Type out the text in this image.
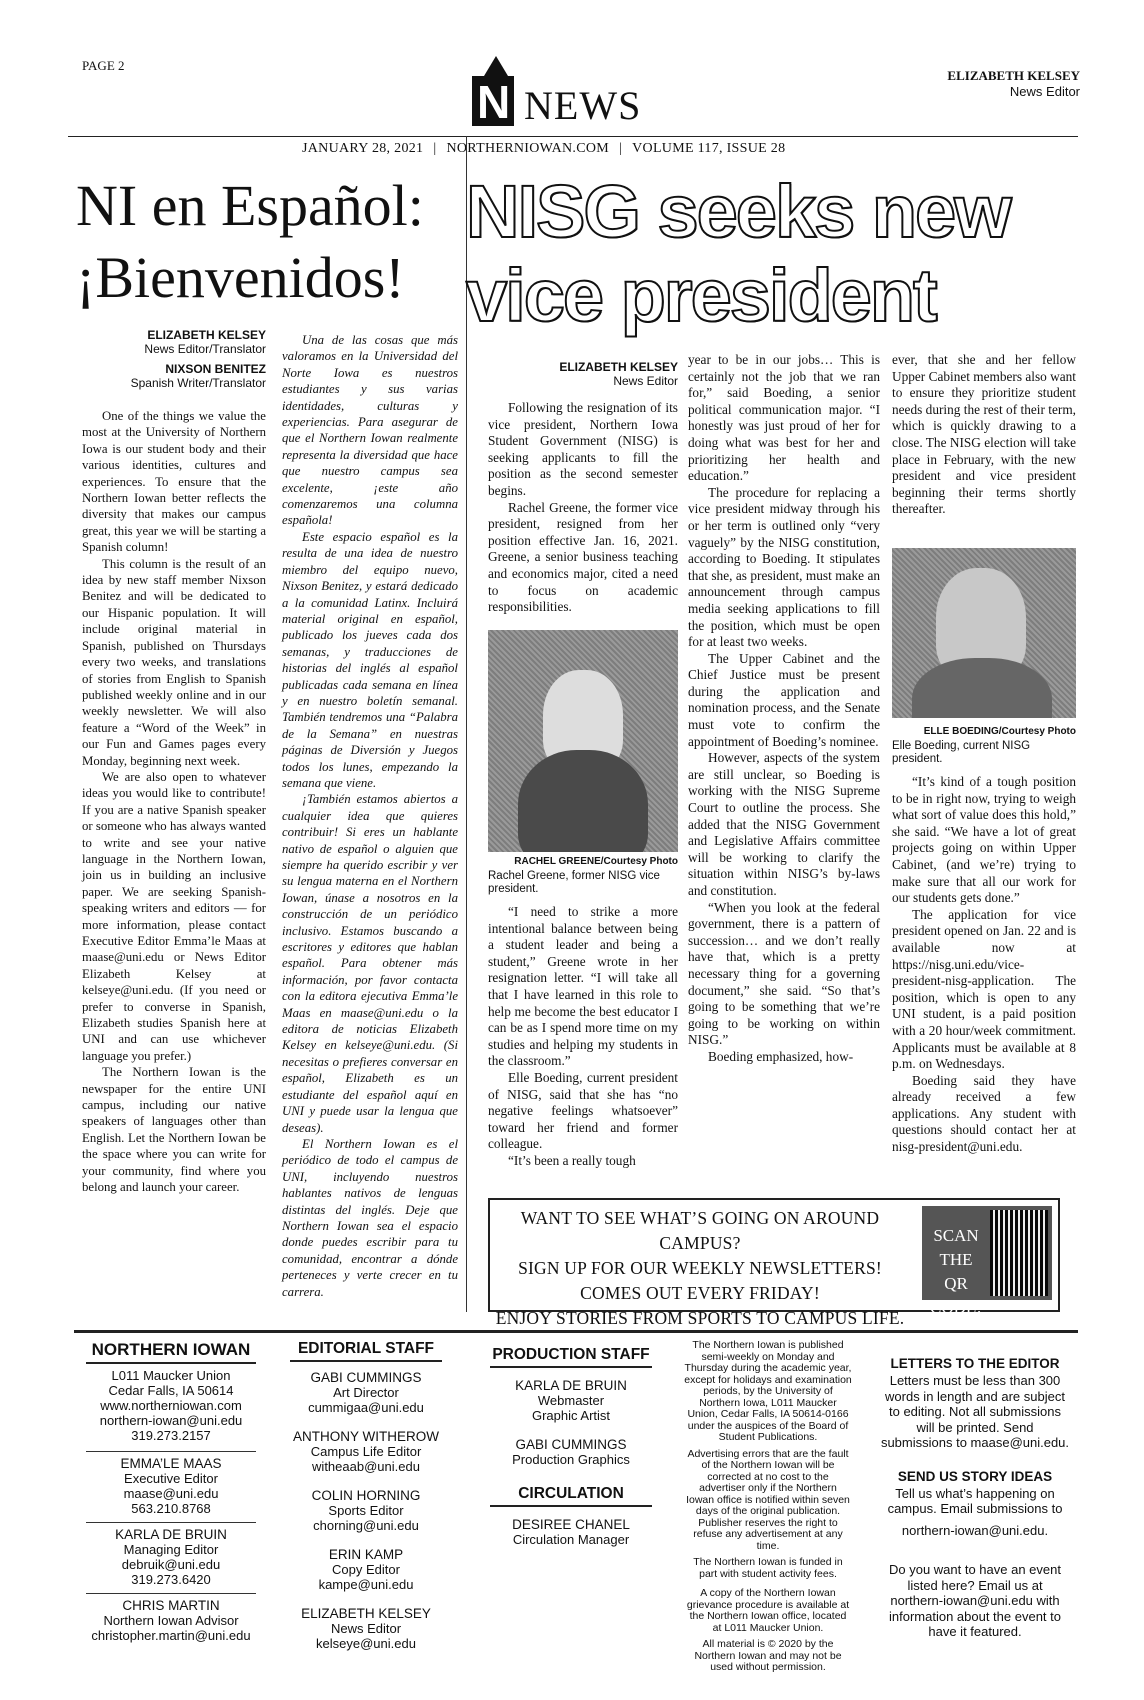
PAGE 2
N NEWS
ELIZABETH KELSEY
News Editor
JANUARY 28, 2021 | NORTHERNIOWAN.COM | VOLUME 117, ISSUE 28
NI en Español:
¡Bienvenidos!
ELIZABETH KELSEY
News Editor/Translator
NIXSON BENITEZ
Spanish Writer/Translator

One of the things we value the most at the University of Northern Iowa is our student body and their various identities, cultures and experiences. To ensure that the Northern Iowan better reflects the diversity that makes our campus great, this year we will be starting a Spanish column!

This column is the result of an idea by new staff member Nixson Benitez and will be dedicated to our Hispanic population. It will include original material in Spanish, published on Thursdays every two weeks, and translations of stories from English to Spanish published weekly online and in our weekly newsletter. We will also feature a “Word of the Week” in our Fun and Games pages every Monday, beginning next week.

We are also open to whatever ideas you would like to contribute! If you are a native Spanish speaker or someone who has always wanted to write and see your native language in the Northern Iowan, join us in building an inclusive paper. We are seeking Spanish-speaking writers and editors — for more information, please contact Executive Editor Emma’le Maas at maase@uni.edu or News Editor Elizabeth Kelsey at kelseye@uni.edu. (If you need or prefer to converse in Spanish, Elizabeth studies Spanish here at UNI and can use whichever language you prefer.)

The Northern Iowan is the newspaper for the entire UNI campus, including our native speakers of languages other than English. Let the Northern Iowan be the space where you can write for your community, find where you belong and launch your career.

Una de las cosas que más valoramos en la Universidad del Norte Iowa es nuestros estudiantes y sus varias identidades, culturas y experiencias. Para asegurar de que el Northern Iowan realmente representa la diversidad que hace que nuestro campus sea excelente, ¡este año comenzaremos una columna española!

Este espacio español es la resulta de una idea de nuestro miembro del equipo nuevo, Nixson Benitez, y estará dedicado a la comunidad Latinx. Incluirá material original en español, publicado los jueves cada dos semanas, y traducciones de historias del inglés al español publicadas cada semana en línea y en nuestro boletín semanal. También tendremos una “Palabra de la Semana” en nuestras páginas de Diversión y Juegos todos los lunes, empezando la semana que viene.

¡También estamos abiertos a cualquier idea que quieres contribuir! Si eres un hablante nativo de español o alguien que siempre ha querido escribir y ver su lengua materna en el Northern Iowan, únase a nosotros en la construcción de un periódico inclusivo. Estamos buscando a escritores y editores que hablan español. Para obtener más información, por favor contacta con la editora ejecutiva Emma’le Maas en maase@uni.edu o la editora de noticias Elizabeth Kelsey en kelseye@uni.edu. (Si necesitas o prefieres conversar en español, Elizabeth es un estudiante del español aquí en UNI y puede usar la lengua que deseas).

El Northern Iowan es el periódico de todo el campus de UNI, incluyendo nuestros hablantes nativos de lenguas distintas del inglés. Deje que Northern Iowan sea el espacio donde puedes escribir para tu comunidad, encontrar a dónde perteneces y verte crecer en tu carrera.

NISG seeks new
vice president
ELIZABETH KELSEY
News Editor

Following the resignation of its vice president, Northern Iowa Student Government (NISG) is seeking applicants to fill the position as the second semester begins.

Rachel Greene, the former vice president, resigned from her position effective Jan. 16, 2021. Greene, a senior business teaching and economics major, cited a need to focus on academic responsibilities.

RACHEL GREENE/Courtesy Photo
Rachel Greene, former NISG vice president.

“I need to strike a more intentional balance between being a student leader and being a student,” Greene wrote in her resignation letter. “I will take all that I have learned in this role to help me become the best educator I can be as I spend more time on my studies and helping my students in the classroom.”

Elle Boeding, current president of NISG, said that she has “no negative feelings whatsoever” toward her friend and former colleague.

“It’s been a really tough

year to be in our jobs… This is certainly not the job that we ran for,” said Boeding, a senior political communication major. “I honestly was just proud of her for doing what was best for her and prioritizing her health and education.”

The procedure for replacing a vice president midway through his or her term is outlined only “very vaguely” by the NISG constitution, according to Boeding. It stipulates that she, as president, must make an announcement through campus media seeking applications to fill the position, which must be open for at least two weeks.

The Upper Cabinet and the Chief Justice must be present during the application and nomination process, and the Senate must vote to confirm the appointment of Boeding’s nominee.

However, aspects of the system are still unclear, so Boeding is working with the NISG Supreme Court to outline the process. She added that the NISG Government and Legislative Affairs committee will be working to clarify the situation within NISG’s by-laws and constitution.

“When you look at the federal government, there is a pattern of succession… and we don’t really have that, which is a pretty necessary thing for a governing document,” she said. “So that’s going to be something that we’re going to be working on within NISG.”

Boeding emphasized, how-

ever, that she and her fellow Upper Cabinet members also want to ensure they prioritize student needs during the rest of their term, which is quickly drawing to a close. The NISG election will take place in February, with the new president and vice president beginning their terms shortly thereafter.

ELLE BOEDING/Courtesy Photo
Elle Boeding, current NISG president.

“It’s kind of a tough position to be in right now, trying to weigh what sort of value does this hold,” she said. “We have a lot of great projects going on within Upper Cabinet, (and we’re) trying to make sure that all our work for our students gets done.”

The application for vice president opened on Jan. 22 and is available now at https://nisg.uni.edu/vice-president-nisg-application. The position, which is open to any UNI student, is a paid position with a 20 hour/week commitment. Applicants must be available at 8 p.m. on Wednesdays.

Boeding said they have already received a few applications. Any student with questions should contact her at nisg-president@uni.edu.

WANT TO SEE WHAT’S GOING ON AROUND CAMPUS?
SIGN UP FOR OUR WEEKLY NEWSLETTERS!
COMES OUT EVERY FRIDAY!
ENJOY STORIES FROM SPORTS TO CAMPUS LIFE.
SCAN THE
QR CODE!
NORTHERN IOWAN
L011 Maucker Union
Cedar Falls, IA 50614
www.northerniowan.com
northern-iowan@uni.edu
319.273.2157
EMMA’LE MAAS
Executive Editor
maase@uni.edu
563.210.8768
KARLA DE BRUIN
Managing Editor
debruik@uni.edu
319.273.6420
CHRIS MARTIN
Northern Iowan Advisor
christopher.martin@uni.edu
EDITORIAL STAFF
GABI CUMMINGS
Art Director
cummigaa@uni.edu
ANTHONY WITHEROW
Campus Life Editor
witheaab@uni.edu
COLIN HORNING
Sports Editor
chorning@uni.edu
ERIN KAMP
Copy Editor
kampe@uni.edu
ELIZABETH KELSEY
News Editor
kelseye@uni.edu
PRODUCTION STAFF
KARLA DE BRUIN
Webmaster
Graphic Artist
GABI CUMMINGS
Production Graphics
CIRCULATION
DESIREE CHANEL
Circulation Manager
The Northern Iowan is published semi-weekly on Monday and Thursday during the academic year, except for holidays and examination periods, by the University of Northern Iowa, L011 Maucker Union, Cedar Falls, IA 50614-0166 under the auspices of the Board of Student Publications.
Advertising errors that are the fault of the Northern Iowan will be corrected at no cost to the advertiser only if the Northern Iowan office is notified within seven days of the original publication. Publisher reserves the right to refuse any advertisement at any time.
The Northern Iowan is funded in part with student activity fees.
A copy of the Northern Iowan grievance procedure is available at the Northern Iowan office, located at L011 Maucker Union.
All material is © 2020 by the Northern Iowan and may not be used without permission.
LETTERS TO THE EDITOR
Letters must be less than 300 words in length and are subject to editing. Not all submissions will be printed. Send submissions to maase@uni.edu.
SEND US STORY IDEAS
Tell us what’s happening on campus. Email submissions to
northern-iowan@uni.edu.
Do you want to have an event listed here? Email us at northern-iowan@uni.edu with information about the event to have it featured.
